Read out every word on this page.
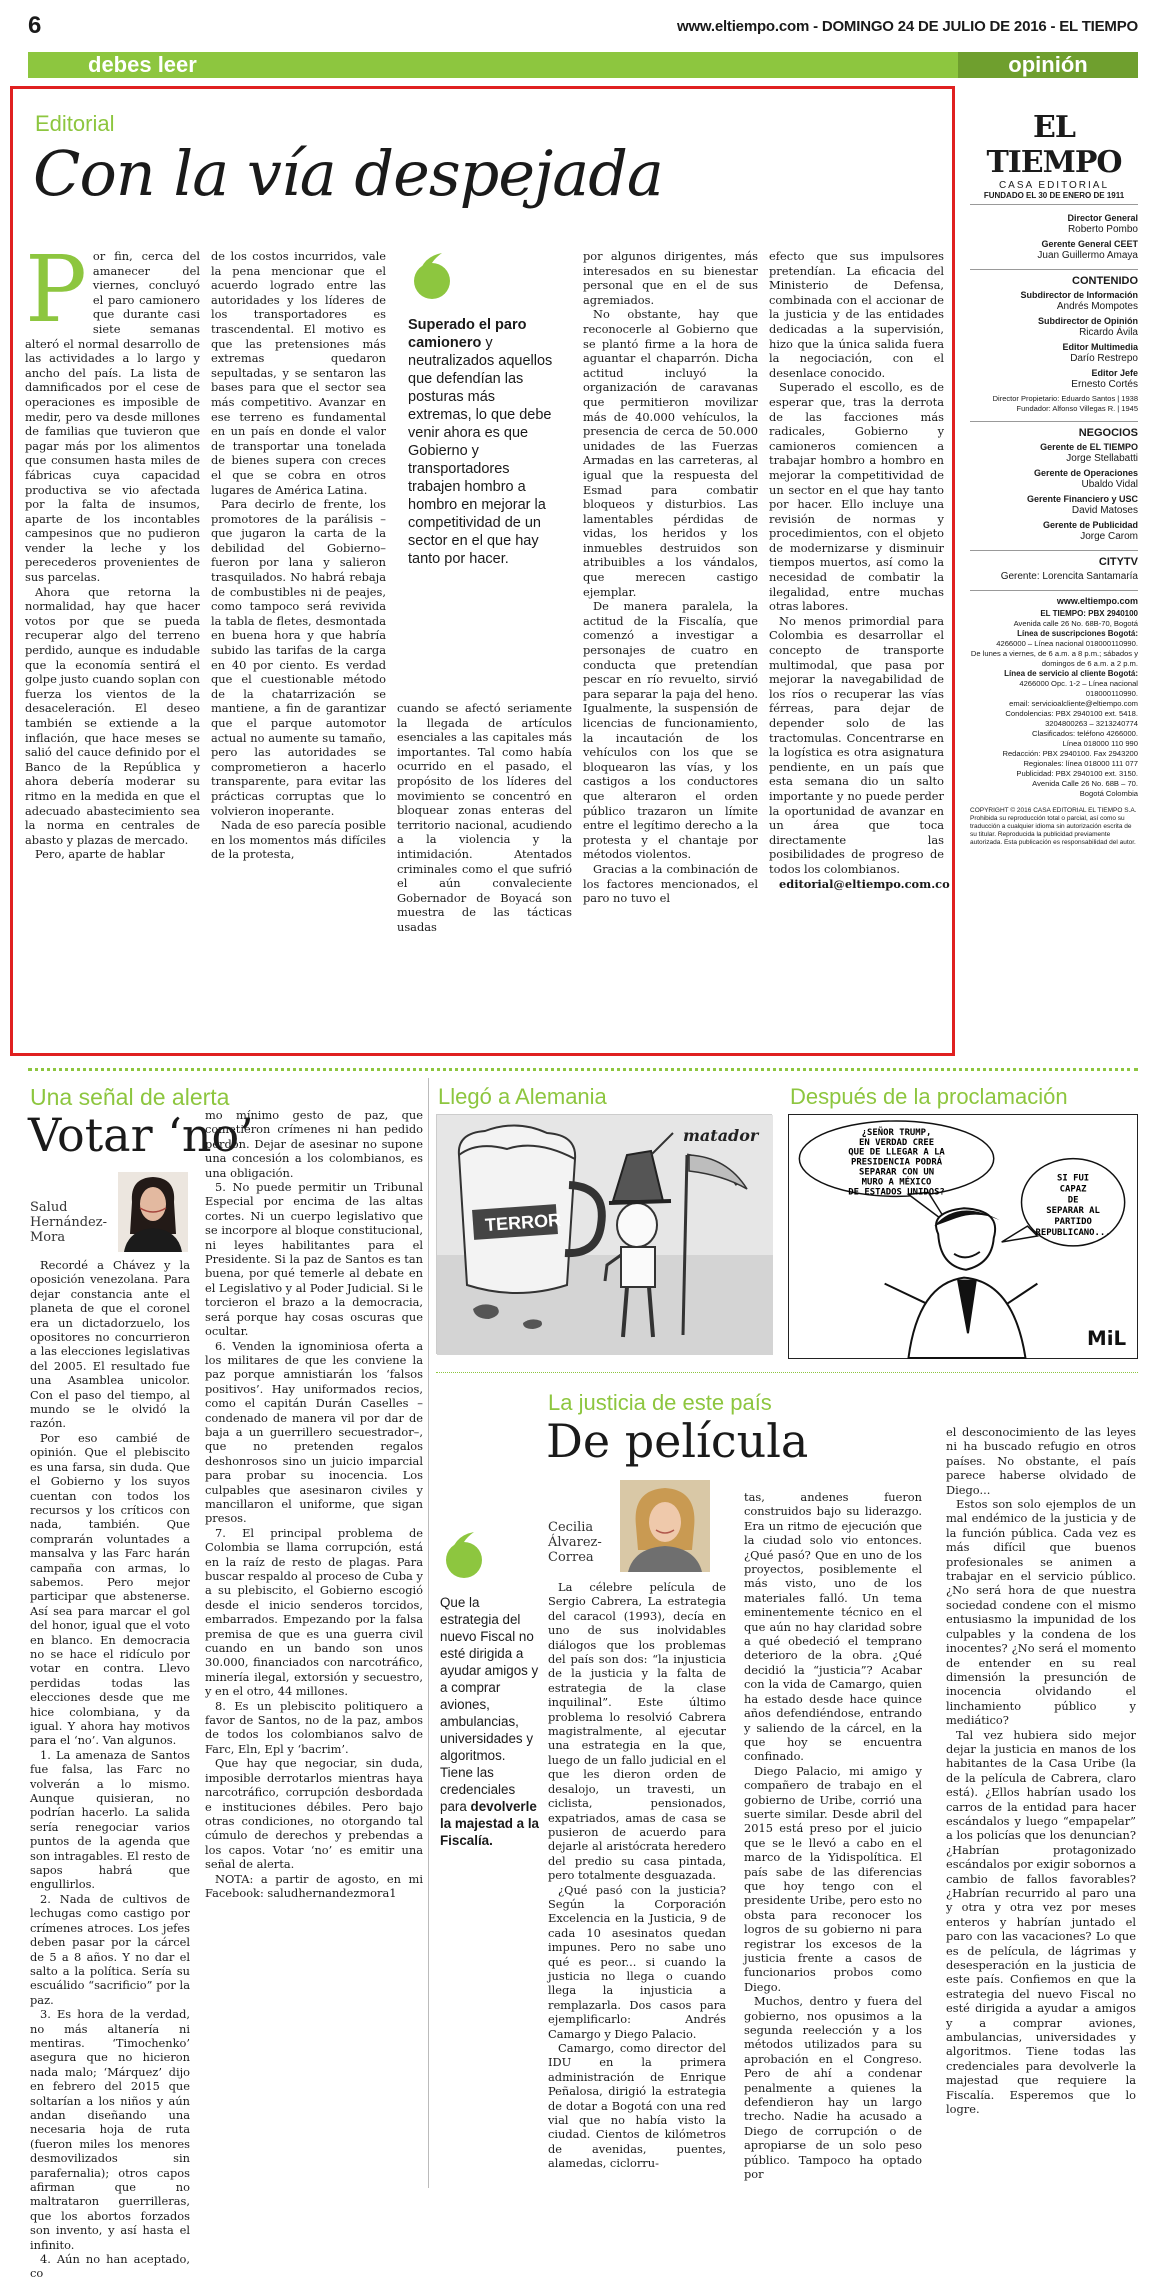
6	www.eltiempo.com - DOMINGO 24 DE JULIO DE 2016 - EL TIEMPO
debes leer	opinión
Editorial
Con la vía despejada
P or fin, cerca del amanecer del viernes, concluyó el paro camionero que durante casi siete semanas alteró el normal desarrollo de las actividades a lo largo y ancho del país. La lista de damnificados por el cese de operaciones es imposible de medir, pero va desde millones de familias que tuvieron que pagar más por los alimentos que consumen hasta miles de fábricas cuya capacidad productiva se vio afectada por la falta de insumos, aparte de los incontables campesinos que no pudieron vender la leche y los perecederos provenientes de sus parcelas.

Ahora que retorna la normalidad, hay que hacer votos por que se pueda recuperar algo del terreno perdido, aunque es indudable que la economía sentirá el golpe justo cuando soplan con fuerza los vientos de la desaceleración. El deseo también se extiende a la inflación, que hace meses se salió del cauce definido por el Banco de la República y ahora debería moderar su ritmo en la medida en que el adecuado abastecimiento sea la norma en centrales de abasto y plazas de mercado.

Pero, aparte de hablar

de los costos incurridos, vale la pena mencionar que el acuerdo logrado entre las autoridades y los líderes de los transportadores es trascendental. El motivo es que las pretensiones más extremas quedaron sepultadas, y se sentaron las bases para que el sector sea más competitivo. Avanzar en ese terreno es fundamental en un país en donde el valor de transportar una tonelada de bienes supera con creces el que se cobra en otros lugares de América Latina.

Para decirlo de frente, los promotores de la parálisis –que jugaron la carta de la debilidad del Gobierno– fueron por lana y salieron trasquilados. No habrá rebaja de combustibles ni de peajes, como tampoco será revivida la tabla de fletes, desmontada en buena hora y que habría subido las tarifas de la carga en 40 por ciento. Es verdad que el cuestionable método de la chatarrización se mantiene, a fin de garantizar que el parque automotor actual no aumente su tamaño, pero las autoridades se comprometieron a hacerlo transparente, para evitar las prácticas corruptas que lo volvieron inoperante.

Nada de eso parecía posible en los momentos más difíciles de la protesta,

Superado el paro camionero y neutralizados aquellos que defendían las posturas más extremas, lo que debe venir ahora es que Gobierno y transportadores trabajen hombro a hombro en mejorar la competitividad de un sector en el que hay tanto por hacer.

cuando se afectó seriamente la llegada de artículos esenciales a las capitales más importantes. Tal como había ocurrido en el pasado, el propósito de los líderes del movimiento se concentró en bloquear zonas enteras del territorio nacional, acudiendo a la violencia y la intimidación. Atentados criminales como el que sufrió el aún convaleciente Gobernador de Boyacá son muestra de las tácticas usadas

por algunos dirigentes, más interesados en su bienestar personal que en el de sus agremiados.

No obstante, hay que reconocerle al Gobierno que se plantó firme a la hora de aguantar el chaparrón. Dicha actitud incluyó la organización de caravanas que permitieron movilizar más de 40.000 vehículos, la presencia de cerca de 50.000 unidades de las Fuerzas Armadas en las carreteras, al igual que la respuesta del Esmad para combatir bloqueos y disturbios. Las lamentables pérdidas de vidas, los heridos y los inmuebles destruidos son atribuibles a los vándalos, que merecen castigo ejemplar.

De manera paralela, la actitud de la Fiscalía, que comenzó a investigar a personajes de cuatro en conducta que pretendían pescar en río revuelto, sirvió para separar la paja del heno. Igualmente, la suspensión de licencias de funcionamiento, la incautación de los vehículos con los que se bloquearon las vías, y los castigos a los conductores que alteraron el orden público trazaron un límite entre el legítimo derecho a la protesta y el chantaje por métodos violentos.

Gracias a la combinación de los factores mencionados, el paro no tuvo el

efecto que sus impulsores pretendían. La eficacia del Ministerio de Defensa, combinada con el accionar de la justicia y de las entidades dedicadas a la supervisión, hizo que la única salida fuera la negociación, con el desenlace conocido.

Superado el escollo, es de esperar que, tras la derrota de las facciones más radicales, Gobierno y camioneros comiencen a trabajar hombro a hombro en mejorar la competitividad de un sector en el que hay tanto por hacer. Ello incluye una revisión de normas y procedimientos, con el objeto de modernizarse y disminuir tiempos muertos, así como la necesidad de combatir la ilegalidad, entre muchas otras labores.

No menos primordial para Colombia es desarrollar el concepto de transporte multimodal, que pasa por mejorar la navegabilidad de los ríos o recuperar las vías férreas, para dejar de depender solo de las tractomulas. Concentrarse en la logística es otra asignatura pendiente, en un país que esta semana dio un salto importante y no puede perder la oportunidad de avanzar en un área que toca directamente las posibilidades de progreso de todos los colombianos.

editorial@eltiempo.com.co

EL TIEMPO
CASA EDITORIAL
FUNDADO EL 30 DE ENERO DE 1911
Director General
Roberto Pombo
Gerente General CEET
Juan Guillermo Amaya
CONTENIDO
Subdirector de Información
Andrés Mompotes
Subdirector de Opinión
Ricardo Ávila
Editor Multimedia
Darío Restrepo
Editor Jefe
Ernesto Cortés
Director Propietario: Eduardo Santos | 1938
Fundador: Alfonso Villegas R. | 1945
NEGOCIOS
Gerente de EL TIEMPO
Jorge Stellabatti
Gerente de Operaciones
Ubaldo Vidal
Gerente Financiero y USC
David Matoses
Gerente de Publicidad
Jorge Carom
CITYTV
Gerente: Lorencita Santamaría
www.eltiempo.com
EL TIEMPO: PBX 2940100
Avenida calle 26 No. 68B-70, Bogotá
Línea de suscripciones Bogotá:
4266000 – Línea nacional 018000110990.
De lunes a viernes, de 6 a.m. a 8 p.m.; sábados y domingos de 6 a.m. a 2 p.m.
Línea de servicio al cliente Bogotá:
4266000 Opc. 1-2 – Línea nacional 018000110990.
email: servicioalcliente@eltiempo.com
Condolencias: PBX 2940100 ext. 5418.
3204800263 – 3213240774
Clasificados: teléfono 4266000.
Línea 018000 110 990
Redacción: PBX 2940100. Fax 2943200
Regionales: línea 018000 111 077
Publicidad: PBX 2940100 ext. 3150.
Avenida Calle 26 No. 68B – 70.
Bogotá Colombia
COPYRIGHT © 2016 CASA EDITORIAL EL TIEMPO S.A. Prohibida su reproducción total o parcial, así como su traducción a cualquier idioma sin autorización escrita de su titular. Reproducida la publicidad previamente autorizada. Esta publicación es responsabilidad del autor.
Una señal de alerta
Votar ‘no’
Salud Hernández-Mora

Recordé a Chávez y la oposición venezolana. Para dejar constancia ante el planeta de que el coronel era un dictadorzuelo, los opositores no concurrieron a las elecciones legislativas del 2005. El resultado fue una Asamblea unicolor. Con el paso del tiempo, al mundo se le olvidó la razón.

Por eso cambié de opinión. Que el plebiscito es una farsa, sin duda. Que el Gobierno y los suyos cuentan con todos los recursos y los críticos con nada, también. Que comprarán voluntades a mansalva y las Farc harán campaña con armas, lo sabemos. Pero mejor participar que abstenerse. Así sea para marcar el gol del honor, igual que el voto en blanco. En democracia no se hace el ridículo por votar en contra. Llevo perdidas todas las elecciones desde que me hice colombiana, y da igual. Y ahora hay motivos para el ‘no’. Van algunos.

1. La amenaza de Santos fue falsa, las Farc no volverán a lo mismo. Aunque quisieran, no podrían hacerlo. La salida sería renegociar varios puntos de la agenda que son intragables. El resto de sapos habrá que engullirlos.

2. Nada de cultivos de lechugas como castigo por crímenes atroces. Los jefes deben pasar por la cárcel de 5 a 8 años. Y no dar el salto a la política. Sería su escuálido “sacrificio” por la paz.

3. Es hora de la verdad, no más altanería ni mentiras. ‘Timochenko’ asegura que no hicieron nada malo; ‘Márquez’ dijo en febrero del 2015 que soltarían a los niños y aún andan diseñando una necesaria hoja de ruta (fueron miles los menores desmovilizados sin parafernalia); otros capos afirman que no maltrataron guerrilleras, que los abortos forzados son invento, y así hasta el infinito.

4. Aún no han aceptado, co

mo mínimo gesto de paz, que cometieron crímenes ni han pedido perdón. Dejar de asesinar no supone una concesión a los colombianos, es una obligación.

5. No puede permitir un Tribunal Especial por encima de las altas cortes. Ni un cuerpo legislativo que se incorpore al bloque constitucional, ni leyes habilitantes para el Presidente. Si la paz de Santos es tan buena, por qué temerle al debate en el Legislativo y al Poder Judicial. Si le torcieron el brazo a la democracia, será porque hay cosas oscuras que ocultar.

6. Venden la ignominiosa oferta a los militares de que les conviene la paz porque amnistiarán los ‘falsos positivos’. Hay uniformados recios, como el capitán Durán Caselles –condenado de manera vil por dar de baja a un guerrillero secuestrador–, que no pretenden regalos deshonrosos sino un juicio imparcial para probar su inocencia. Los culpables que asesinaron civiles y mancillaron el uniforme, que sigan presos.

7. El principal problema de Colombia se llama corrupción, está en la raíz de resto de plagas. Para buscar respaldo al proceso de Cuba y a su plebiscito, el Gobierno escogió desde el inicio senderos torcidos, embarrados. Empezando por la falsa premisa de que es una guerra civil cuando en un bando son unos 30.000, financiados con narcotráfico, minería ilegal, extorsión y secuestro, y en el otro, 44 millones.

8. Es un plebiscito politiquero a favor de Santos, no de la paz, ambos de todos los colombianos salvo de Farc, Eln, Epl y ‘bacrim’.

Que hay que negociar, sin duda, imposible derrotarlos mientras haya narcotráfico, corrupción desbordada e instituciones débiles. Pero bajo otras condiciones, no otorgando tal cúmulo de derechos y prebendas a los capos. Votar ‘no’ es emitir una señal de alerta.

NOTA: a partir de agosto, en mi Facebook: saludhernandezmora1

Llegó a Alemania
TERROR
matador
Después de la proclamación
¿SEÑOR TRUMP,
EN VERDAD CREE
QUE DE LLEGAR A LA
PRESIDENCIA PODRÁ
SEPARAR CON UN
MURO A MÉXICO
DE ESTADOS UNIDOS?
SI FUI
CAPAZ
DE
SEPARAR AL
PARTIDO
REPUBLICANO...
MiL
La justicia de este país
De película
Cecilia Álvarez-Correa
Que la estrategia del nuevo Fiscal no esté dirigida a ayudar amigos y a comprar aviones, ambulancias, universidades y algoritmos. Tiene las credenciales para devolverle la majestad a la Fiscalía.

La célebre película de Sergio Cabrera, La estrategia del caracol (1993), decía en uno de sus inolvidables diálogos que los problemas del país son dos: “la injusticia de la justicia y la falta de estrategia de la clase inquilinal”. Este último problema lo resolvió Cabrera magistralmente, al ejecutar una estrategia en la que, luego de un fallo judicial en el que les dieron orden de desalojo, un travesti, un ciclista, pensionados, expatriados, amas de casa se pusieron de acuerdo para dejarle al aristócrata heredero del predio su casa pintada, pero totalmente desguazada.

¿Qué pasó con la justicia? Según la Corporación Excelencia en la Justicia, 9 de cada 10 asesinatos quedan impunes. Pero no sabe uno qué es peor... si cuando la justicia no llega o cuando llega la injusticia a remplazarla. Dos casos para ejemplificarlo: Andrés Camargo y Diego Palacio.

Camargo, como director del IDU en la primera administración de Enrique Peñalosa, dirigió la estrategia de dotar a Bogotá con una red vial que no había visto la ciudad. Cientos de kilómetros de avenidas, puentes, alamedas, ciclorru-

tas, andenes fueron construidos bajo su liderazgo. Era un ritmo de ejecución que la ciudad solo vio entonces. ¿Qué pasó? Que en uno de los proyectos, posiblemente el más visto, uno de los materiales falló. Un tema eminentemente técnico en el que aún no hay claridad sobre a qué obedeció el temprano deterioro de la obra. ¿Qué decidió la “justicia”? Acabar con la vida de Camargo, quien ha estado desde hace quince años defendiéndose, entrando y saliendo de la cárcel, en la que hoy se encuentra confinado.

Diego Palacio, mi amigo y compañero de trabajo en el gobierno de Uribe, corrió una suerte similar. Desde abril del 2015 está preso por el juicio que se le llevó a cabo en el marco de la Yidispolítica. El país sabe de las diferencias que hoy tengo con el presidente Uribe, pero esto no obsta para reconocer los logros de su gobierno ni para registrar los excesos de la justicia frente a casos de funcionarios probos como Diego.

Muchos, dentro y fuera del gobierno, nos opusimos a la segunda reelección y a los métodos utilizados para su aprobación en el Congreso. Pero de ahí a condenar penalmente a quienes la defendieron hay un largo trecho. Nadie ha acusado a Diego de corrupción o de apropiarse de un solo peso público. Tampoco ha optado por

el desconocimiento de las leyes ni ha buscado refugio en otros países. No obstante, el país parece haberse olvidado de Diego...

Estos son solo ejemplos de un mal endémico de la justicia y de la función pública. Cada vez es más difícil que buenos profesionales se animen a trabajar en el servicio público. ¿No será hora de que nuestra sociedad condene con el mismo entusiasmo la impunidad de los culpables y la condena de los inocentes? ¿No será el momento de entender en su real dimensión la presunción de inocencia olvidando el linchamiento público y mediático?

Tal vez hubiera sido mejor dejar la justicia en manos de los habitantes de la Casa Uribe (la de la película de Cabrera, claro está). ¿Ellos habrían usado los carros de la entidad para hacer escándalos y luego “empapelar” a los policías que los denuncian? ¿Habrían protagonizado escándalos por exigir sobornos a cambio de fallos favorables? ¿Habrían recurrido al paro una y otra y otra vez por meses enteros y habrían juntado el paro con las vacaciones? Lo que es de película, de lágrimas y desesperación en la justicia de este país. Confiemos en que la estrategia del nuevo Fiscal no esté dirigida a ayudar a amigos y a comprar aviones, ambulancias, universidades y algoritmos. Tiene todas las credenciales para devolverle la majestad que requiere la Fiscalía. Esperemos que lo logre.
